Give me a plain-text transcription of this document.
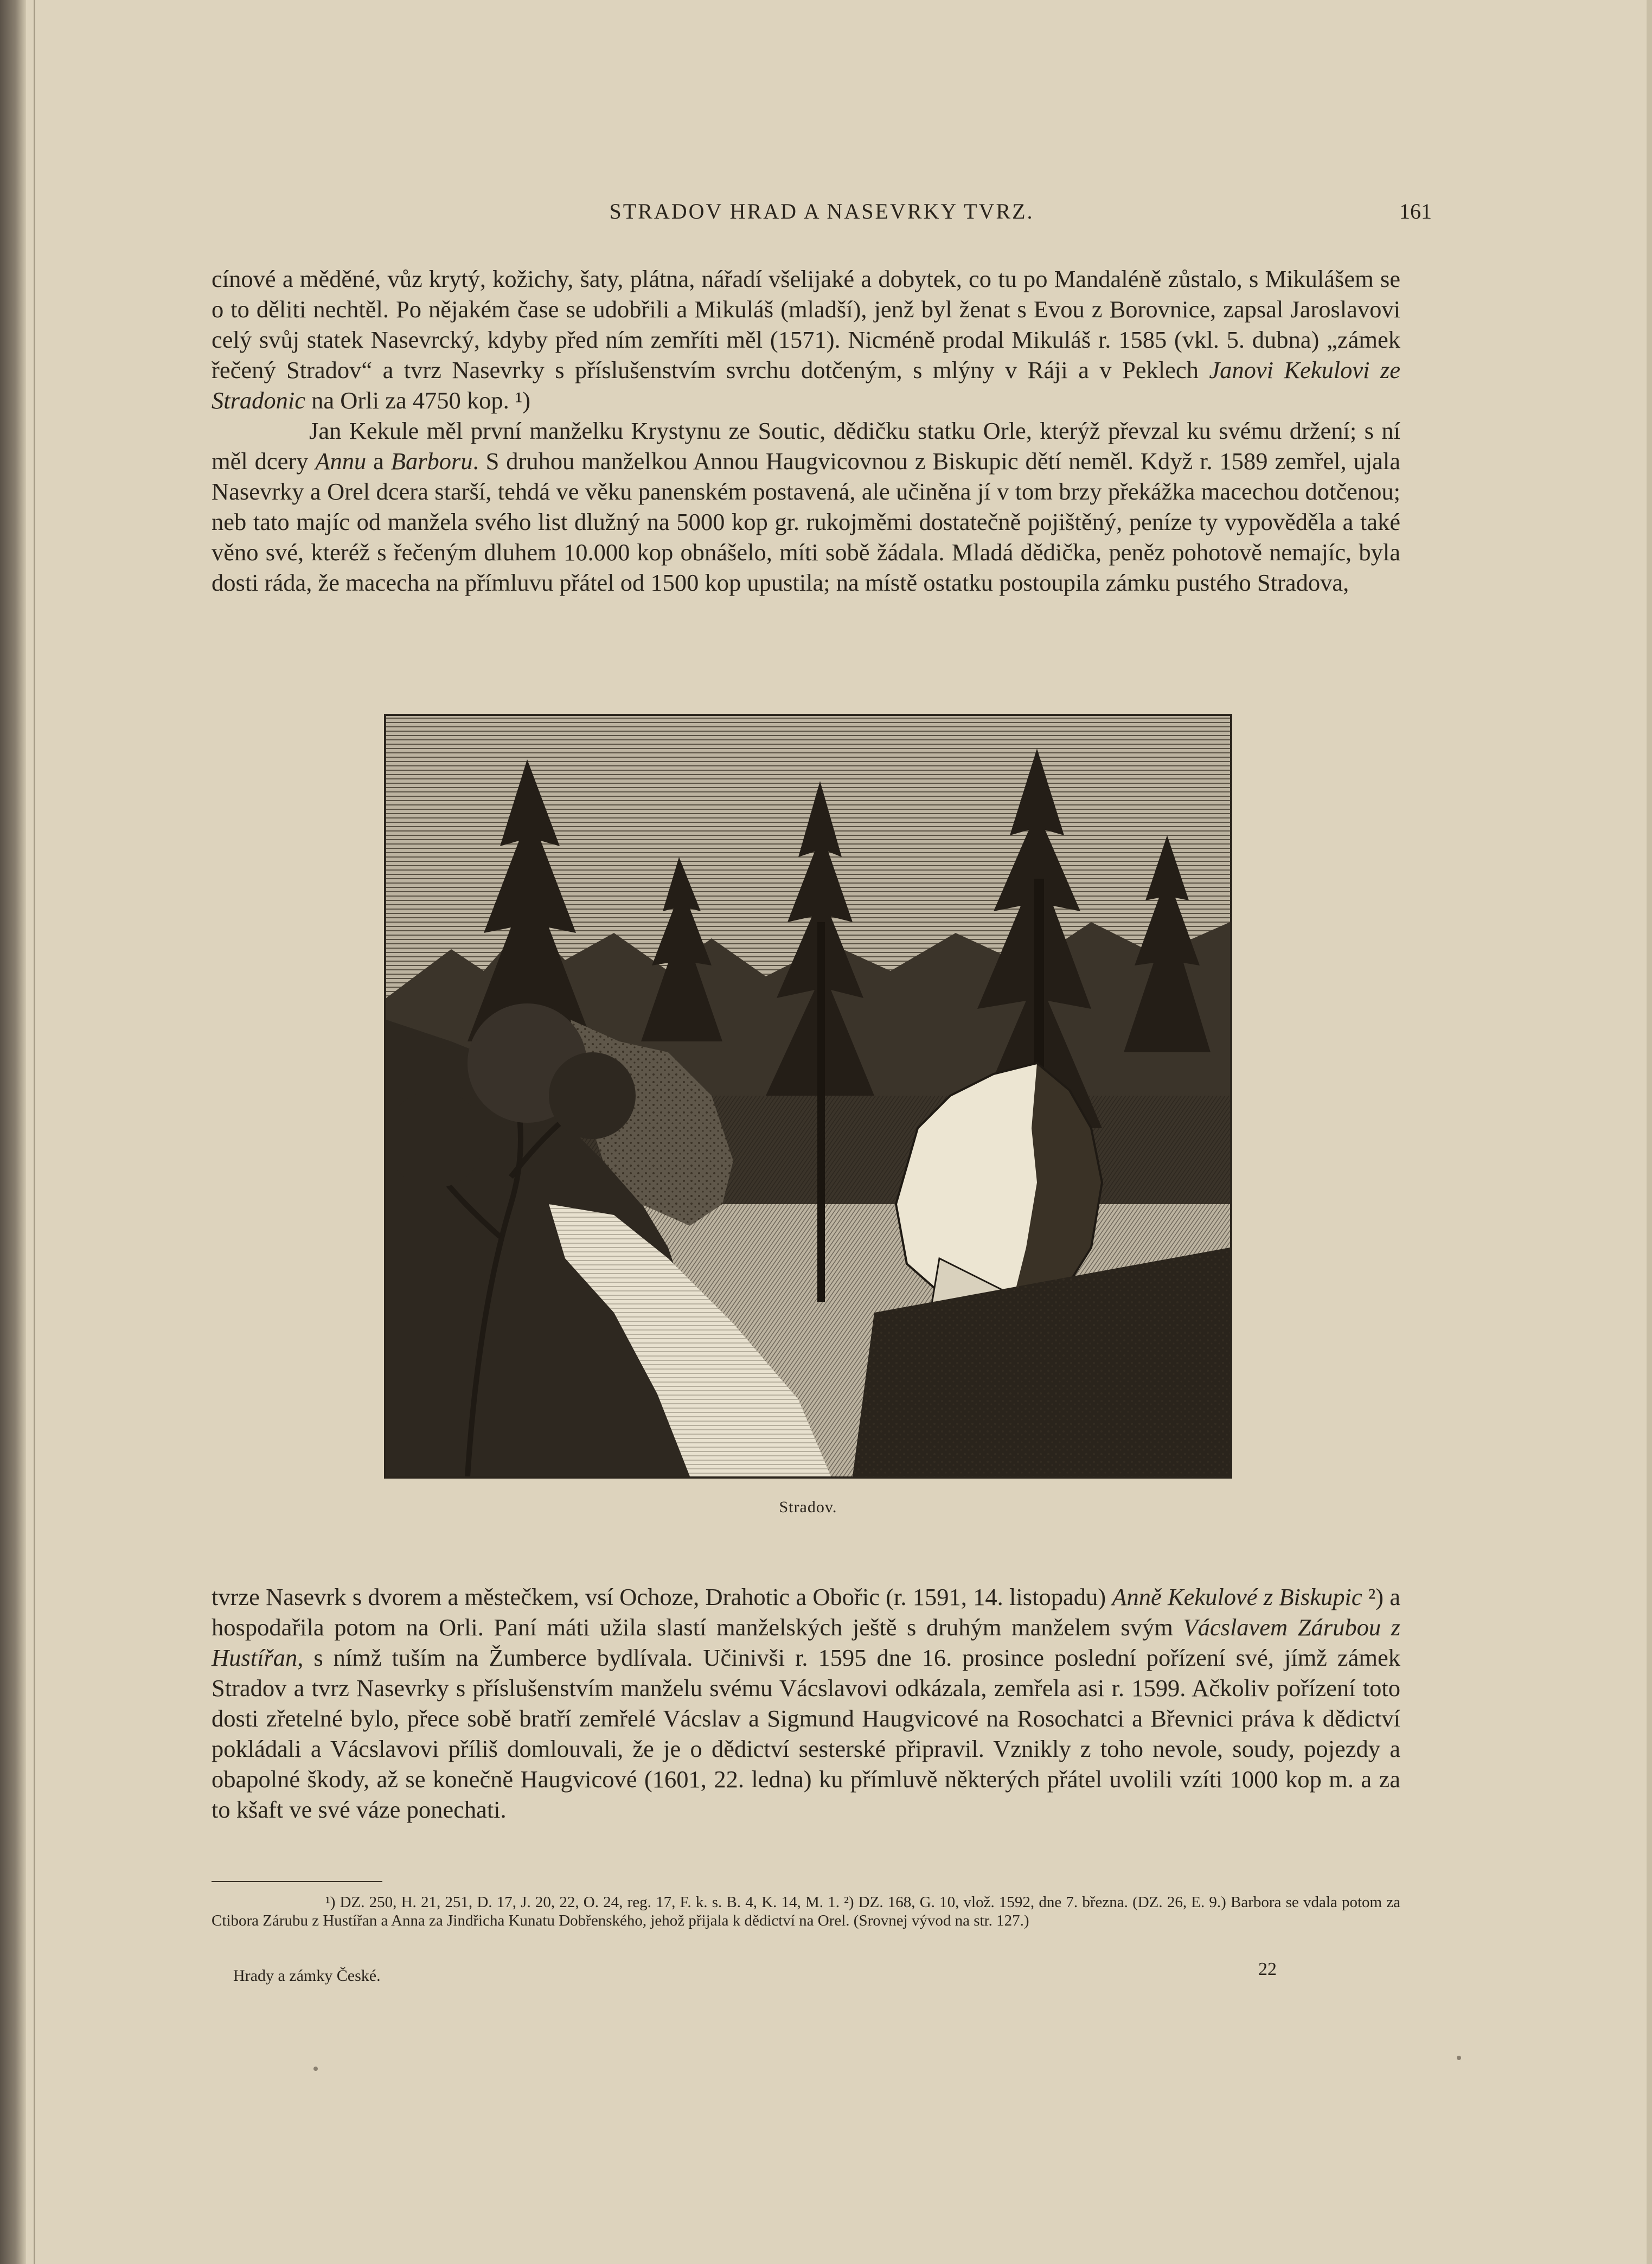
STRADOV HRAD A NASEVRKY TVRZ.	161

cínové a měděné, vůz krytý, kožichy, šaty, plátna, nářadí všelijaké a dobytek, co tu po Mandaléně zůstalo, s Mikulášem se o to děliti nechtěl. Po nějakém čase se udobřili a Mikuláš (mladší), jenž byl ženat s Evou z Borovnice, zapsal Jaroslavovi celý svůj statek Nasevrcký, kdyby před ním zemříti měl (1571). Nicméně prodal Mikuláš r. 1585 (vkl. 5. dubna) „zámek řečený Stradov“ a tvrz Nasevrky s příslušenstvím svrchu dotčeným, s mlýny v Ráji a v Peklech Janovi Kekulovi ze Stradonic na Orli za 4750 kop. ¹)

Jan Kekule měl první manželku Krystynu ze Soutic, dědičku statku Orle, kterýž převzal ku svému držení; s ní měl dcery Annu a Barboru. S druhou manželkou Annou Haugvicovnou z Biskupic dětí neměl. Když r. 1589 zemřel, ujala Nasevrky a Orel dcera starší, tehdá ve věku panenském postavená, ale učiněna jí v tom brzy překážka macechou dotčenou; neb tato majíc od manžela svého list dlužný na 5000 kop gr. rukojměmi dostatečně pojištěný, peníze ty vypověděla a také věno své, kteréž s řečeným dluhem 10.000 kop obnášelo, míti sobě žádala. Mladá dědička, peněz pohotově nemajíc, byla dosti ráda, že macecha na přímluvu přátel od 1500 kop upustila; na místě ostatku postoupila zámku pustého Stradova,

Stradov.

tvrze Nasevrk s dvorem a městečkem, vsí Ochoze, Drahotic a Obořic (r. 1591, 14. listopadu) Anně Kekulové z Biskupic ²) a hospodařila potom na Orli. Paní máti užila slastí manželských ještě s druhým manželem svým Vácslavem Zárubou z Hustířan, s nímž tuším na Žumberce bydlívala. Učinivši r. 1595 dne 16. prosince poslední pořízení své, jímž zámek Stradov a tvrz Nasevrky s příslušenstvím manželu svému Vácslavovi odkázala, zemřela asi r. 1599. Ačkoliv pořízení toto dosti zřetelné bylo, přece sobě bratří zemřelé Vácslav a Sigmund Haugvicové na Rosochatci a Břevnici práva k dědictví pokládali a Vácslavovi příliš domlouvali, že je o dědictví sesterské připravil. Vznikly z toho nevole, soudy, pojezdy a obapolné škody, až se konečně Haugvicové (1601, 22. ledna) ku přímluvě některých přátel uvolili vzíti 1000 kop m. a za to kšaft ve své váze ponechati.

¹) DZ. 250, H. 21, 251, D. 17, J. 20, 22, O. 24, reg. 17, F. k. s. B. 4, K. 14, M. 1. ²) DZ. 168, G. 10, vlož. 1592, dne 7. března. (DZ. 26, E. 9.) Barbora se vdala potom za Ctibora Zárubu z Hustířan a Anna za Jindřicha Kunatu Dobřenského, jehož přijala k dědictví na Orel. (Srovnej vývod na str. 127.)

Hrady a zámky České.	22
